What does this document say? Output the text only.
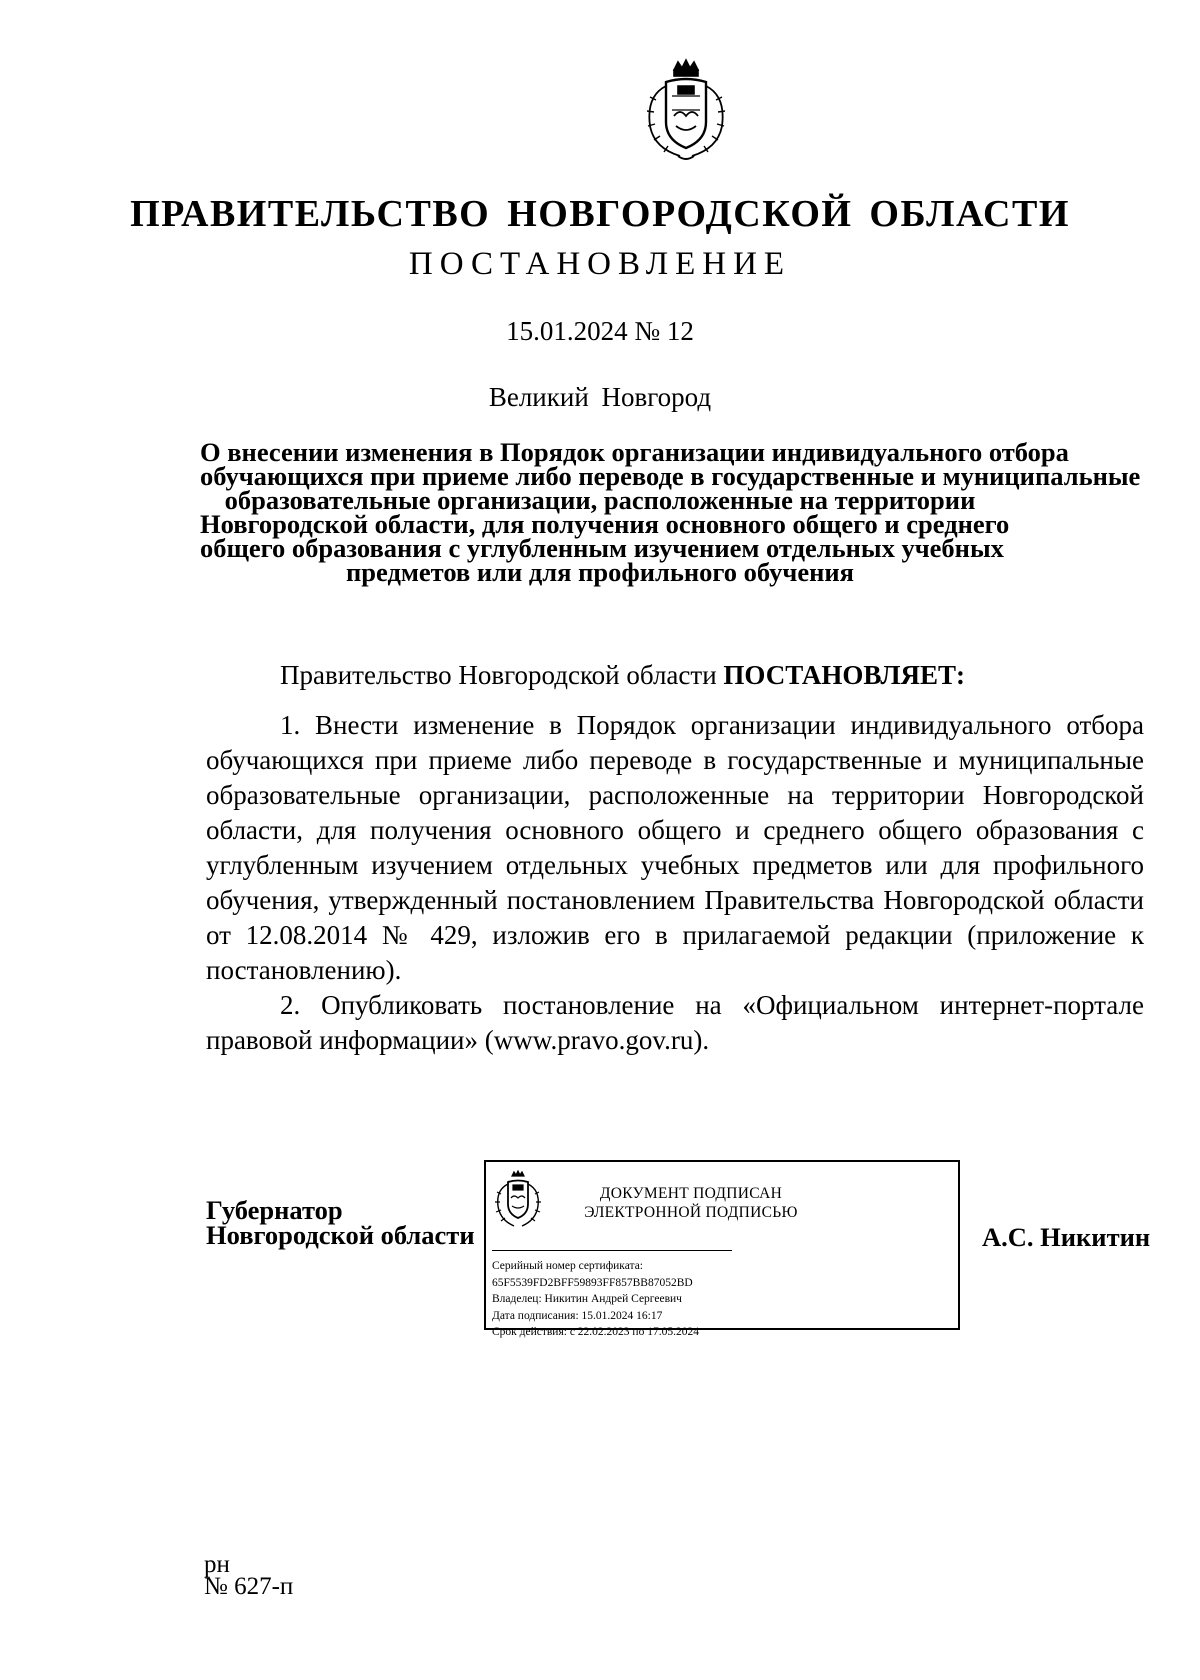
ПРАВИТЕЛЬСТВО НОВГОРОДСКОЙ ОБЛАСТИ
ПОСТАНОВЛЕНИЕ
15.01.2024 № 12
Великий Новгород
О внесении изменения в Порядок организации индивидуального отбора
обучающихся при приеме либо переводе в государственные и муниципальные
образовательные организации, расположенные на территории
Новгородской области, для получения основного общего и среднего
общего образования с углубленным изучением отдельных учебных
предметов или для профильного обучения
Правительство Новгородской области ПОСТАНОВЛЯЕТ:

1. Внести изменение в Порядок организации индивидуального отбора обучающихся при приеме либо переводе в государственные и муниципальные образовательные организации, расположенные на территории Новгородской области, для получения основного общего и среднего общего образования с углубленным изучением отдельных учебных предметов или для профильного обучения, утвержденный постановлением Правительства Новгородской области от 12.08.2014 № 429, изложив его в прилагаемой редакции (приложение к постановлению).

2. Опубликовать постановление на «Официальном интернет-портале правовой информации» (www.pravo.gov.ru).

Губернатор
Новгородской области
ДОКУМЕНТ ПОДПИСАН
ЭЛЕКТРОННОЙ ПОДПИСЬЮ
Серийный номер сертификата:
65F5539FD2BFF59893FF857BB87052BD
Владелец: Никитин Андрей Сергеевич
Дата подписания: 15.01.2024 16:17
Срок действия: с 22.02.2023 по 17.05.2024
А.С. Никитин
рн
№ 627-п
